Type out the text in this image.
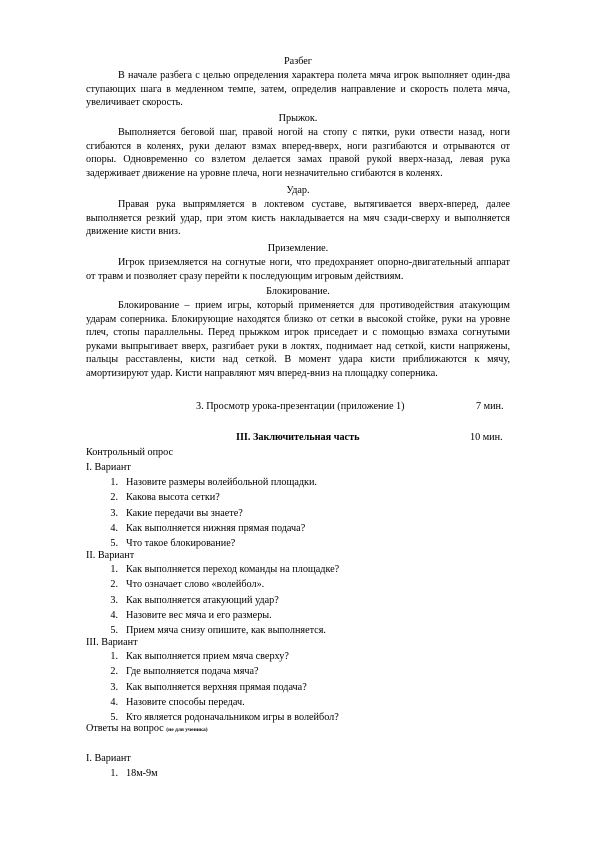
Разбег

В начале разбега с целью определения характера полета мяча игрок выполняет один-два ступающих шага в медленном темпе, затем, определив направление и скорость полета мяча, увеличивает скорость.

Прыжок.

Выполняется беговой шаг, правой ногой на стопу с пятки, руки отвести назад, ноги сгибаются в коленях, руки делают взмах вперед-вверх, ноги разгибаются и отрываются от опоры. Одновременно со взлетом делается замах правой рукой вверх-назад, левая рука задерживает движение на уровне плеча, ноги незначительно сгибаются в коленях.

Удар.

Правая рука выпрямляется в локтевом суставе, вытягивается вверх-вперед, далее выполняется резкий удар, при этом кисть накладывается на мяч сзади-сверху и выполняется движение кисти вниз.

Приземление.

Игрок приземляется на согнутые ноги, что предохраняет опорно-двигательный аппарат от травм и позволяет сразу перейти к последующим игровым действиям.

Блокирование.

Блокирование – прием игры, который применяется для противодействия атакующим ударам соперника. Блокирующие находятся близко от сетки в высокой стойке, руки на уровне плеч, стопы параллельны. Перед прыжком игрок приседает и с помощью взмаха согнутыми руками выпрыгивает вверх, разгибает руки в локтях, поднимает над сеткой, кисти напряжены, пальцы расставлены, кисти над сеткой. В момент удара кисти приближаются к мячу, амортизируют удар. Кисти направляют мяч вперед-вниз на площадку соперника.

3. Просмотр урока-презентации (приложение 1)	7 мин.
III. Заключительная часть	10 мин.
Контрольный опрос
I. Вариант
1. Назовите размеры волейбольной площадки.
2. Какова высота сетки?
3. Какие передачи вы знаете?
4. Как выполняется нижняя прямая подача?
5. Что такое блокирование?
II. Вариант
1. Как выполняется переход команды на площадке?
2. Что означает слово «волейбол».
3. Как выполняется атакующий удар?
4. Назовите вес мяча и его размеры.
5. Прием мяча снизу опишите, как выполняется.
III. Вариант
1. Как выполняется прием мяча сверху?
2. Где выполняется подача мяча?
3. Как выполняется верхняя прямая подача?
4. Назовите способы передач.
5. Кто является родоначальником игры в волейбол?
Ответы на вопрос (не для ученика)
I. Вариант
1. 18м-9м
